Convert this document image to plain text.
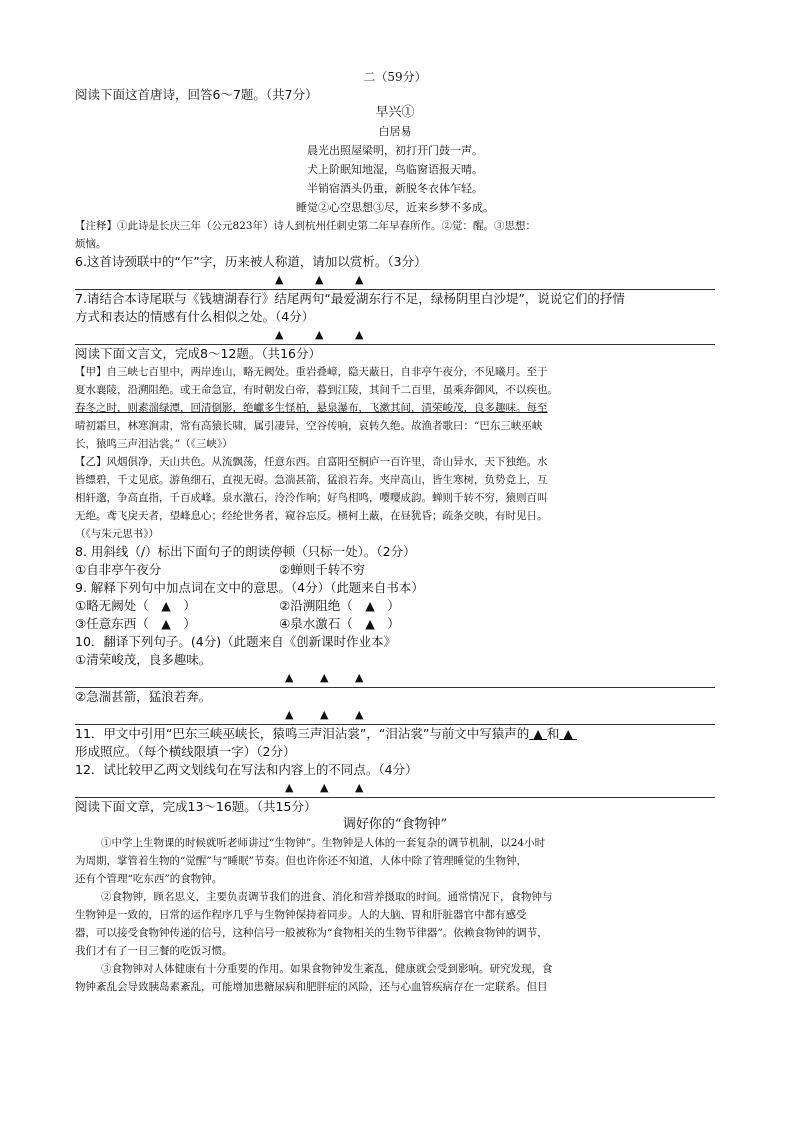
二（59分）
阅读下面这首唐诗，回答6～7题。（共7分）
早兴①
白居易
晨光出照屋梁明，初打开门鼓一声。
犬上阶眠知地湿，鸟临窗语报天晴。
半销宿酒头仍重，新脱冬衣体乍轻。
睡觉②心空思想③尽，近来乡梦不多成。
【注释】①此诗是长庆三年（公元823年）诗人到杭州任刺史第二年早春所作。②觉：醒。③思想：
烦恼。
6.这首诗颈联中的“乍”字，历来被人称道，请加以赏析。（3分）
▲	▲	▲
7.请结合本诗尾联与《钱塘湖春行》结尾两句“最爱湖东行不足，绿杨阴里白沙堤”，说说它们的抒情
方式和表达的情感有什么相似之处。（4分）
▲	▲	▲
阅读下面文言文，完成8～12题。（共16分）
【甲】自三峡七百里中，两岸连山，略无阙处。重岩叠嶂，隐天蔽日，自非亭午夜分，不见曦月。至于
夏水襄陵，沿溯阻绝。或王命急宣，有时朝发白帝，暮到江陵，其间千二百里，虽乘奔御风，不以疾也。
春冬之时，则素湍绿潭，回清倒影，绝巘多生怪柏，悬泉瀑布，飞漱其间，清荣峻茂，良多趣味。每至
晴初霜旦，林寒涧肃，常有高猿长啸，属引凄异，空谷传响，哀转久绝。故渔者歌曰：“巴东三峡巫峡
长，猿鸣三声泪沾裳。”（《三峡》）
【乙】风烟俱净，天山共色。从流飘荡，任意东西。自富阳至桐庐一百许里，奇山异水，天下独绝。水
皆缥碧，千丈见底。游鱼细石，直视无碍。急湍甚箭，猛浪若奔。夹岸高山，皆生寒树，负势竞上，互
相轩邈，争高直指，千百成峰。泉水激石，泠泠作响；好鸟相鸣，嘤嘤成韵。蝉则千转不穷，猿则百叫
无绝。鸢飞戾天者，望峰息心；经纶世务者，窥谷忘反。横柯上蔽，在昼犹昏；疏条交映，有时见日。
（《与朱元思书》）
8. 用斜线（/）标出下面句子的朗读停顿（只标一处）。（2分）
①自非亭午夜分	②蝉则千转不穷
9. 解释下列句中加点词在文中的意思。（4分）（此题来自书本）
①略无阙处（　▲　）	②沿溯阻绝（　▲　）
③任意东西（　▲　）	④泉水激石（　▲　）
10．翻译下列句子。(4分)（此题来自《创新课时作业本》
①清荣峻茂，良多趣味。
▲ ▲ ▲
②急湍甚箭，猛浪若奔。
▲ ▲ ▲
11．甲文中引用“巴东三峡巫峡长，猿鸣三声泪沾裳”，“泪沾裳”与前文中写猿声的 ▲ 和 ▲
形成照应。（每个横线限填一字）（2分）
12．试比较甲乙两文划线句在写法和内容上的不同点。（4分）
▲ ▲ ▲
阅读下面文章，完成13～16题。（共15分）
调好你的“食物钟”
①中学上生物课的时候就听老师讲过“生物钟”。生物钟是人体的一套复杂的调节机制，以24小时
为周期，掌管着生物的“觉醒”与“睡眠”节奏。但也许你还不知道，人体中除了管理睡觉的生物钟，
还有个管理“吃东西”的食物钟。
②食物钟，顾名思义，主要负责调节我们的进食、消化和营养摄取的时间。通常情况下，食物钟与
生物钟是一致的，日常的运作程序几乎与生物钟保持着同步。人的大脑、胃和肝脏器官中都有感受
器，可以接受食物钟传递的信号，这种信号一般被称为“食物相关的生物节律器”。依赖食物钟的调节，
我们才有了一日三餐的吃饭习惯。
③食物钟对人体健康有十分重要的作用。如果食物钟发生紊乱，健康就会受到影响。研究发现，食
物钟紊乱会导致胰岛素紊乱，可能增加患糖尿病和肥胖症的风险，还与心血管疾病存在一定联系。但目
